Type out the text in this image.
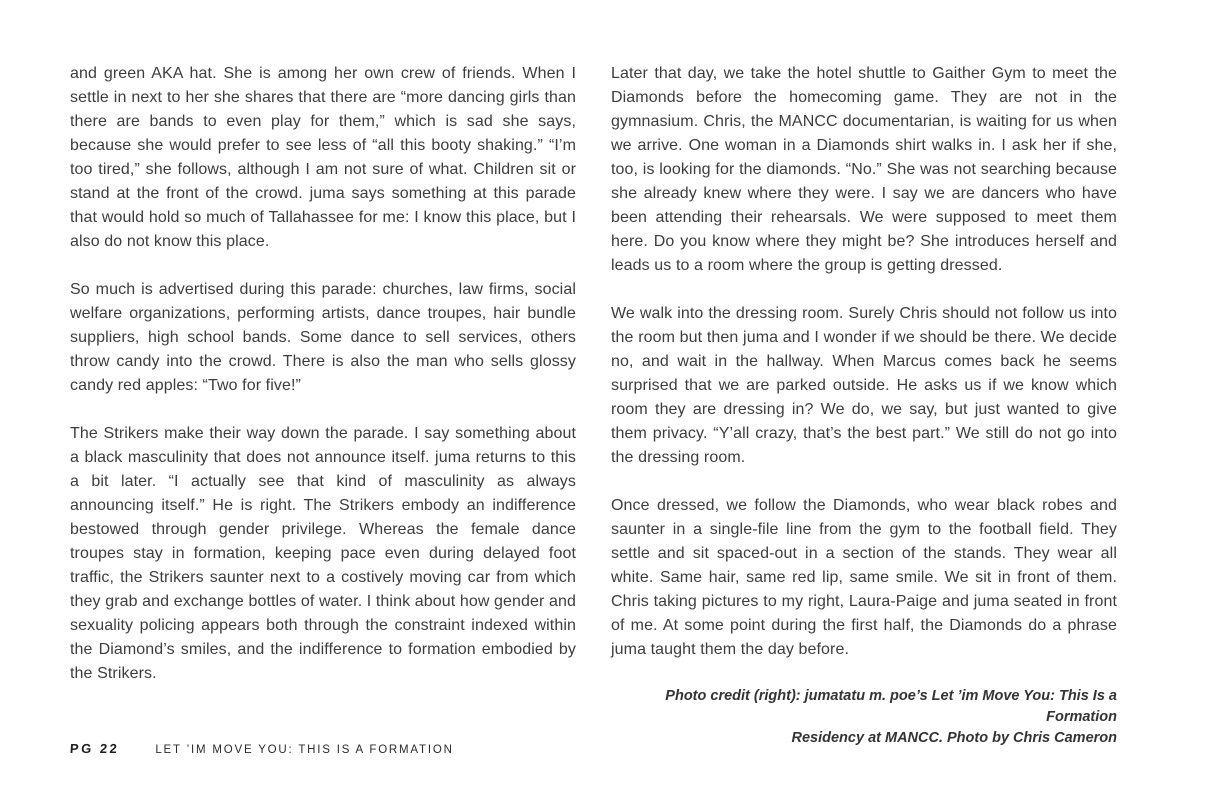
and green AKA hat. She is among her own crew of friends. When I settle in next to her she shares that there are “more dancing girls than there are bands to even play for them,” which is sad she says, because she would prefer to see less of “all this booty shaking.” “I’m too tired,” she follows, although I am not sure of what. Children sit or stand at the front of the crowd. juma says something at this parade that would hold so much of Tallahassee for me: I know this place, but I also do not know this place.

So much is advertised during this parade: churches, law firms, social welfare organizations, performing artists, dance troupes, hair bundle suppliers, high school bands. Some dance to sell services, others throw candy into the crowd. There is also the man who sells glossy candy red apples: “Two for five!”

The Strikers make their way down the parade. I say something about a black masculinity that does not announce itself. juma returns to this a bit later. “I actually see that kind of masculinity as always announcing itself.” He is right. The Strikers embody an indifference bestowed through gender privilege. Whereas the female dance troupes stay in formation, keeping pace even during delayed foot traffic, the Strikers saunter next to a costively moving car from which they grab and exchange bottles of water. I think about how gender and sexuality policing appears both through the constraint indexed within the Diamond’s smiles, and the indifference to formation embodied by the Strikers.

Later that day, we take the hotel shuttle to Gaither Gym to meet the Diamonds before the homecoming game. They are not in the gymnasium. Chris, the MANCC documentarian, is waiting for us when we arrive. One woman in a Diamonds shirt walks in. I ask her if she, too, is looking for the diamonds. “No.” She was not searching because she already knew where they were. I say we are dancers who have been attending their rehearsals. We were supposed to meet them here. Do you know where they might be? She introduces herself and leads us to a room where the group is getting dressed.

We walk into the dressing room. Surely Chris should not follow us into the room but then juma and I wonder if we should be there. We decide no, and wait in the hallway. When Marcus comes back he seems surprised that we are parked outside. He asks us if we know which room they are dressing in? We do, we say, but just wanted to give them privacy. “Y’all crazy, that’s the best part.” We still do not go into the dressing room.

Once dressed, we follow the Diamonds, who wear black robes and saunter in a single-file line from the gym to the football field. They settle and sit spaced-out in a section of the stands. They wear all white. Same hair, same red lip, same smile. We sit in front of them. Chris taking pictures to my right, Laura-Paige and juma seated in front of me. At some point during the first half, the Diamonds do a phrase juma taught them the day before.

Photo credit (right): jumatatu m. poe’s Let ’im Move You: This Is a Formation
Residency at MANCC. Photo by Chris Cameron
PG 22	LET ’IM MOVE YOU: THIS IS A FORMATION
